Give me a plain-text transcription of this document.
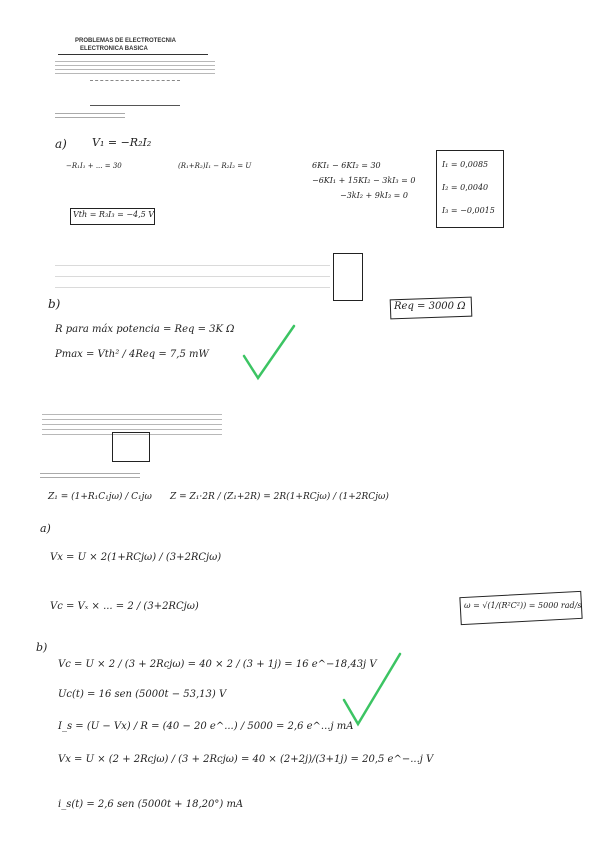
PROBLEMAS DE ELECTROTECNIA
ELECTRONICA BASICA
a) V₁ = −R₂I₂
−R₁I₁ + ... = 30	(R₁+R₂)I₁ − R₂I₂ = U	6KI₁ − 6KI₂ = 30
−6KI₁ + 15KI₂ − 3kI₃ = 0
−3kI₂ + 9kI₃ = 0
I₁ = 0,0085
I₂ = 0,0040
I₃ = −0,0015
Vth = R₃I₃ = −4,5 V
b)	Req = 3000 Ω
R para máx potencia = Req = 3K Ω
Pmax = Vth² / 4Req = 7,5 mW
Z₁ = (1+R₁C₁jω) / C₁jω Z = Z₁·2R / (Z₁+2R) = 2R(1+RCjω) / (1+2RCjω)
a)
Vx = U × 2(1+RCjω) / (3+2RCjω)
Vc = Vₓ × ... = 2 / (3+2RCjω)	ω = √(1/(R²C²)) = 5000 rad/s
b)
Vc = U × 2 / (3 + 2Rcjω) = 40 × 2 / (3 + 1j) = 16 e^−18,43j V
Uc(t) = 16 sen (5000t − 53,13) V
I_s = (U − Vx) / R = (40 − 20 e^...) / 5000 = 2,6 e^...j mA
Vx = U × (2 + 2Rcjω) / (3 + 2Rcjω) = 40 × (2+2j)/(3+1j) = 20,5 e^−...j V
i_s(t) = 2,6 sen (5000t + 18,20°) mA
